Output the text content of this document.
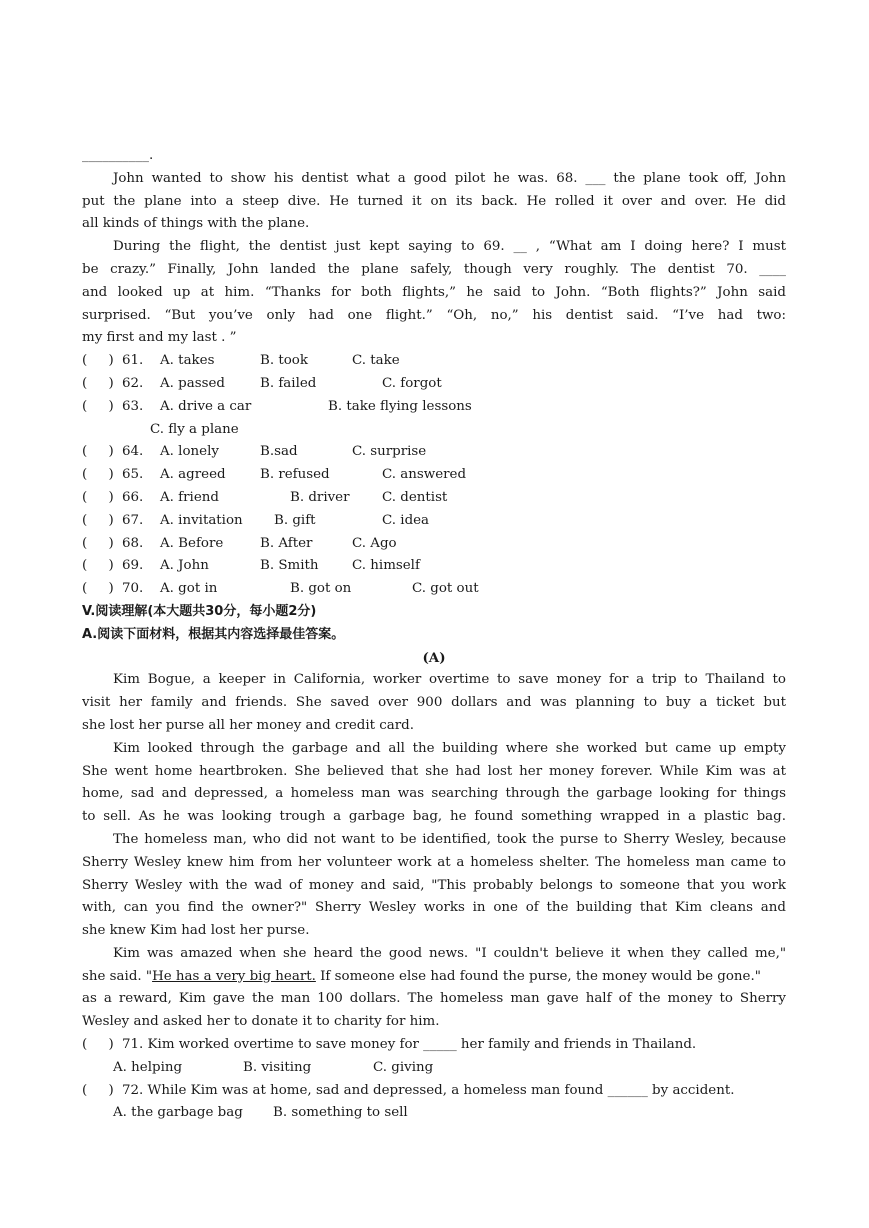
__________.
John wanted to show his dentist what a good pilot he was. 68. ___ the plane took off, John
put the plane into a steep dive. He turned it on its back. He rolled it over and over. He did
all kinds of things with the plane.
During the flight, the dentist just kept saying to 69. __ , “What am I doing here? I must
be crazy.” Finally, John landed the plane safely, though very roughly. The dentist 70. ____
and looked up at him. “Thanks for both flights,” he said to John. “Both flights?” John said
surprised. “But you’ve only had one flight.” “Oh, no,” his dentist said. “I’ve had two:
my first and my last . ”
(     ) 61.	A. takes	B. took	C. take
(     ) 62.	A. passed	B. failed	C. forgot
(     ) 63.	A. drive a car	B. take flying lessons
C. fly a plane
(     ) 64.	A. lonely	B.sad	C. surprise
(     ) 65.	A. agreed	B. refused	C. answered
(     ) 66.	A. friend	B. driver	C. dentist
(     ) 67.	A. invitation	B. gift	C. idea
(     ) 68.	A. Before	B. After	C. Ago
(     ) 69.	A. John	B. Smith	C. himself
(     ) 70.	A. got in	B. got on	C. got out
V.阅读理解(本大题共30分，每小题2分)
A.阅读下面材料，根据其内容选择最佳答案。
(A)
Kim Bogue, a keeper in California, worker overtime to save money for a trip to Thailand to
visit her family and friends. She saved over 900 dollars and was planning to buy a ticket but
she lost her purse all her money and credit card.
Kim looked through the garbage and all the building where she worked but came up empty
She went home heartbroken. She believed that she had lost her money forever. While Kim was at
home, sad and depressed, a homeless man was searching through the garbage looking for things
to sell. As he was looking trough a garbage bag, he found something wrapped in a plastic bag.
The homeless man, who did not want to be identified, took the purse to Sherry Wesley, because
Sherry Wesley knew him from her volunteer work at a homeless shelter. The homeless man came to
Sherry Wesley with the wad of money and said, "This probably belongs to someone that you work
with, can you find the owner?" Sherry Wesley works in one of the building that Kim cleans and
she knew Kim had lost her purse.
Kim was amazed when she heard the good news. "I couldn't believe it when they called me,"
she said. "He has a very big heart. If someone else had found the purse, the money would be gone."
as a reward, Kim gave the man 100 dollars. The homeless man gave half of the money to Sherry
Wesley and asked her to donate it to charity for him.
(     ) 71. Kim worked overtime to save money for _____ her family and friends in Thailand.
A. helping	B. visiting	C. giving
(     ) 72. While Kim was at home, sad and depressed, a homeless man found ______ by accident.
A. the garbage bag	B. something to sell
